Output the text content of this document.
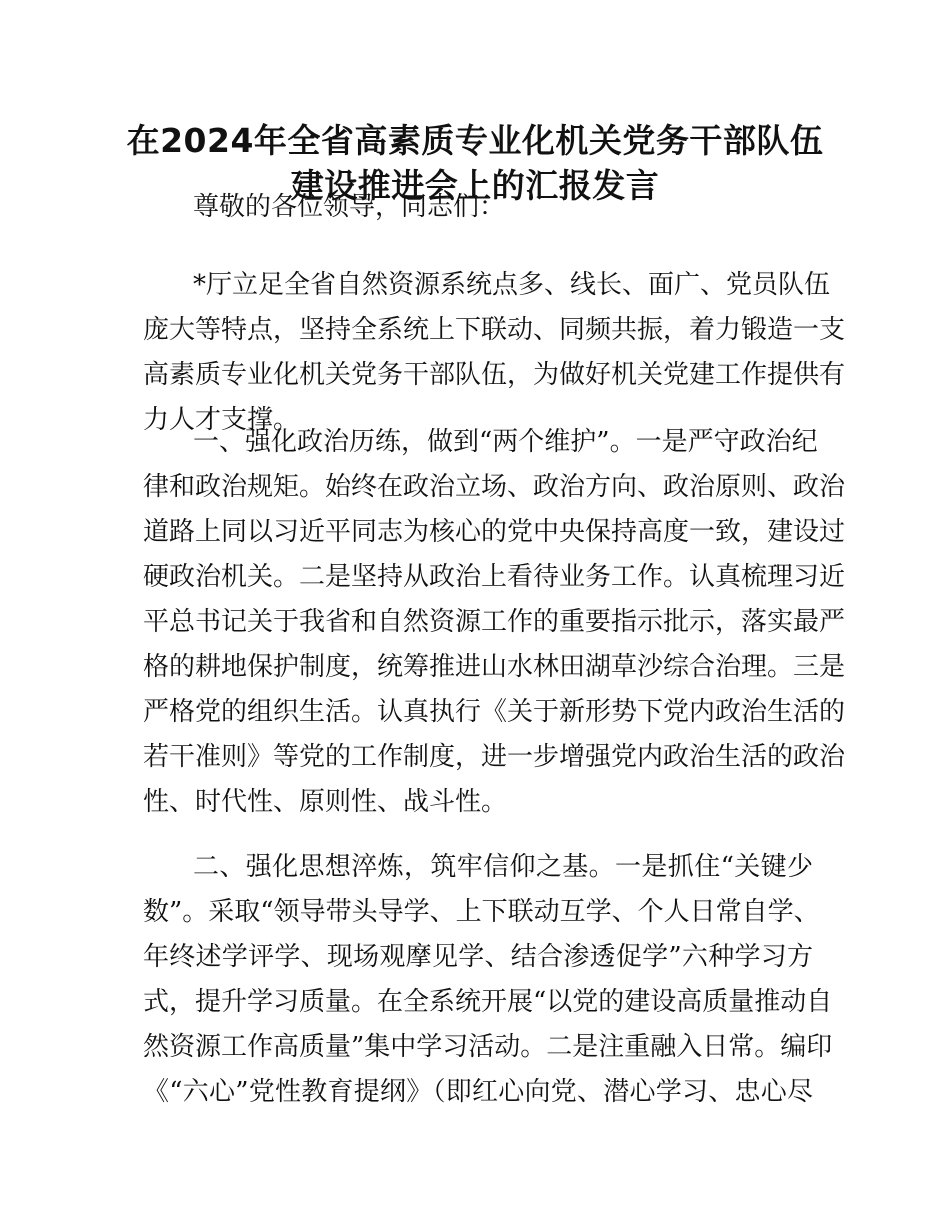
在2024年全省高素质专业化机关党务干部队伍
建设推进会上的汇报发言
尊敬的各位领导，同志们：
*厅立足全省自然资源系统点多、线长、面广、党员队伍
庞大等特点，坚持全系统上下联动、同频共振，着力锻造一支
高素质专业化机关党务干部队伍，为做好机关党建工作提供有
力人才支撑。
一、强化政治历练，做到“两个维护”。一是严守政治纪
律和政治规矩。始终在政治立场、政治方向、政治原则、政治
道路上同以习近平同志为核心的党中央保持高度一致，建设过
硬政治机关。二是坚持从政治上看待业务工作。认真梳理习近
平总书记关于我省和自然资源工作的重要指示批示，落实最严
格的耕地保护制度，统筹推进山水林田湖草沙综合治理。三是
严格党的组织生活。认真执行《关于新形势下党内政治生活的
若干准则》等党的工作制度，进一步增强党内政治生活的政治
性、时代性、原则性、战斗性。
二、强化思想淬炼，筑牢信仰之基。一是抓住“关键少
数”。采取“领导带头导学、上下联动互学、个人日常自学、
年终述学评学、现场观摩见学、结合渗透促学”六种学习方
式，提升学习质量。在全系统开展“以党的建设高质量推动自
然资源工作高质量”集中学习活动。二是注重融入日常。编印
《“六心”党性教育提纲》（即红心向党、潜心学习、忠心尽
